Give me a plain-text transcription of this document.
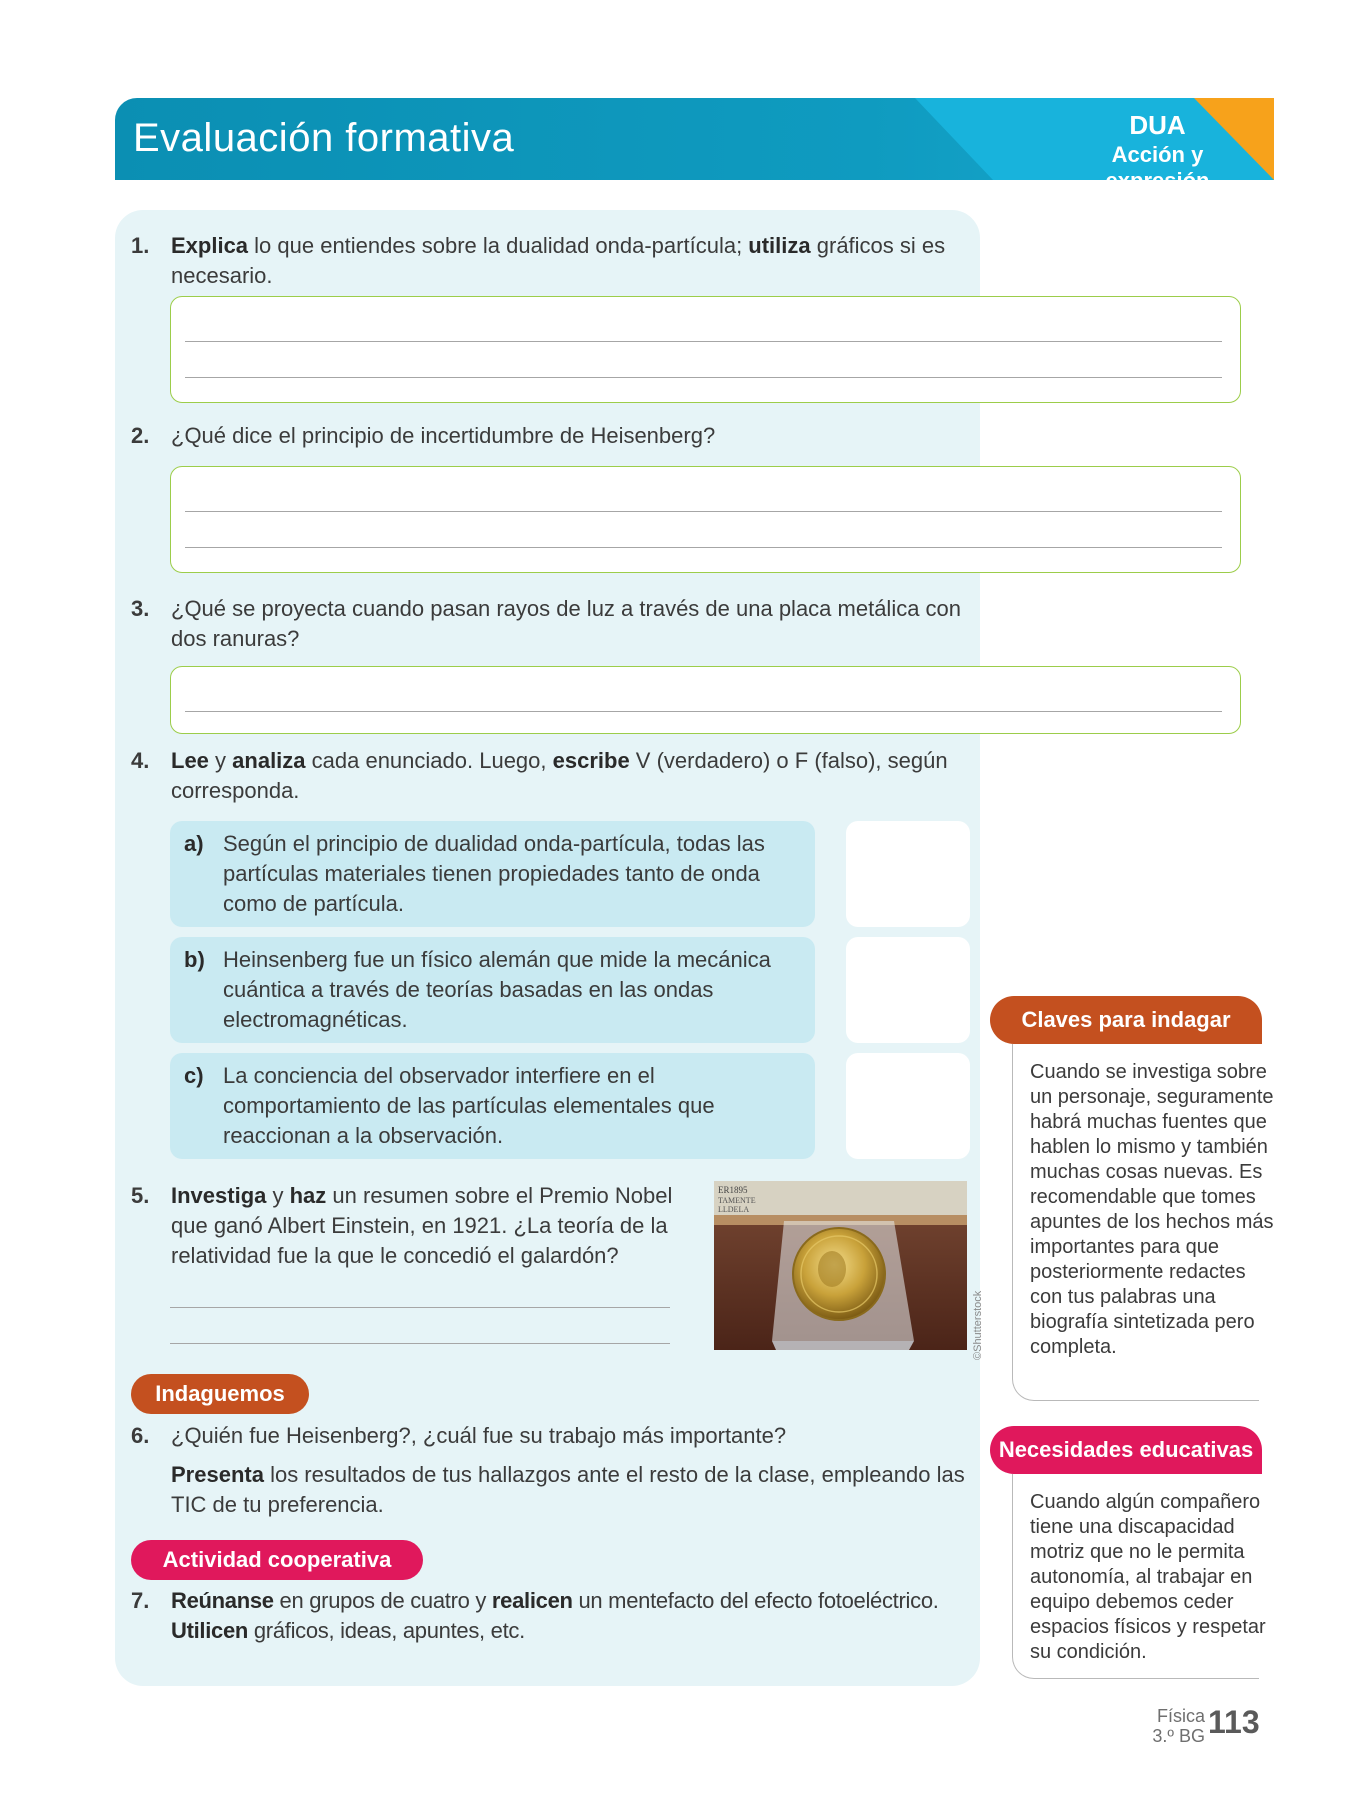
Evaluación formativa	DUA
Acción y expresión
1. Explica lo que entiendes sobre la dualidad onda-partícula; utiliza gráficos si es
necesario.
2. ¿Qué dice el principio de incertidumbre de Heisenberg?
3. ¿Qué se proyecta cuando pasan rayos de luz a través de una placa metálica con
dos ranuras?
4. Lee y analiza cada enunciado. Luego, escribe V (verdadero) o F (falso), según
corresponda.
a) Según el principio de dualidad onda-partícula, todas las partículas materiales tienen propiedades tanto de onda como de partícula.
b) Heinsenberg fue un físico alemán que mide la mecánica cuántica a través de teorías basadas en las ondas electromagnéticas.
c) La conciencia del observador interfiere en el comportamiento de las partículas elementales que reaccionan a la observación.
5. Investiga y haz un resumen sobre el Premio Nobel
que ganó Albert Einstein, en 1921. ¿La teoría de la
relatividad fue la que le concedió el galardón?
ER1895
TAMENTE
LLDELA
©Shutterstock
Indaguemos
6. ¿Quién fue Heisenberg?, ¿cuál fue su trabajo más importante?
Presenta los resultados de tus hallazgos ante el resto de la clase, empleando las
TIC de tu preferencia.
Actividad cooperativa
7. Reúnanse en grupos de cuatro y realicen un mentefacto del efecto fotoeléctrico.
Utilicen gráficos, ideas, apuntes, etc.
Claves para indagar
Cuando se investiga sobre un personaje, seguramente habrá muchas fuentes que hablen lo mismo y también muchas cosas nuevas. Es recomendable que tomes apuntes de los hechos más importantes para que posteriormente redactes con tus palabras una biografía sintetizada pero completa.
Necesidades educativas
Cuando algún compañero tiene una discapacidad motriz que no le permita autonomía, al trabajar en equipo debemos ceder espacios físicos y respetar su condición.
Física
3.º BG 113
